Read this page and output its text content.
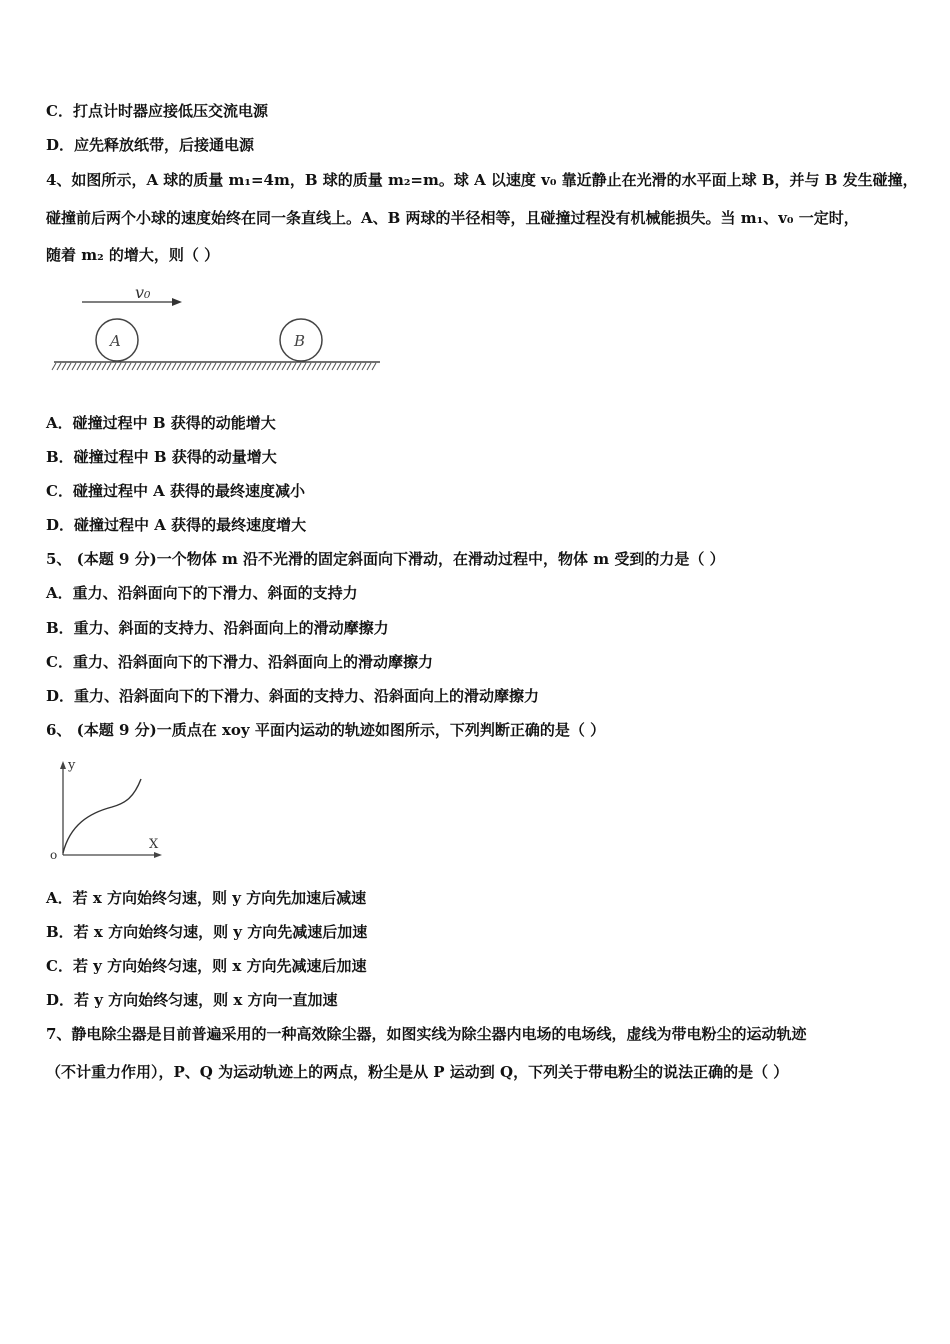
C．打点计时器应接低压交流电源
D．应先释放纸带，后接通电源
4、如图所示，A 球的质量 m₁=4m，B 球的质量 m₂=m。球 A 以速度 v₀ 靠近静止在光滑的水平面上球 B，并与 B 发生碰撞，
碰撞前后两个小球的速度始终在同一条直线上。A、B 两球的半径相等，且碰撞过程没有机械能损失。当 m₁、v₀ 一定时，
随着 m₂ 的增大，则（ ）
v₀
A	B
A．碰撞过程中 B 获得的动能增大
B．碰撞过程中 B 获得的动量增大
C．碰撞过程中 A 获得的最终速度减小
D．碰撞过程中 A 获得的最终速度增大
5、 (本题 9 分)一个物体 m 沿不光滑的固定斜面向下滑动，在滑动过程中，物体 m 受到的力是（ ）
A．重力、沿斜面向下的下滑力、斜面的支持力
B．重力、斜面的支持力、沿斜面向上的滑动摩擦力
C．重力、沿斜面向下的下滑力、沿斜面向上的滑动摩擦力
D．重力、沿斜面向下的下滑力、斜面的支持力、沿斜面向上的滑动摩擦力
6、 (本题 9 分)一质点在 xoy 平面内运动的轨迹如图所示，下列判断正确的是（ ）
y
X
o
A．若 x 方向始终匀速，则 y 方向先加速后减速
B．若 x 方向始终匀速，则 y 方向先减速后加速
C．若 y 方向始终匀速，则 x 方向先减速后加速
D．若 y 方向始终匀速，则 x 方向一直加速
7、静电除尘器是目前普遍采用的一种高效除尘器，如图实线为除尘器内电场的电场线，虚线为带电粉尘的运动轨迹
（不计重力作用），P、Q 为运动轨迹上的两点，粉尘是从 P 运动到 Q，下列关于带电粉尘的说法正确的是（ ）
